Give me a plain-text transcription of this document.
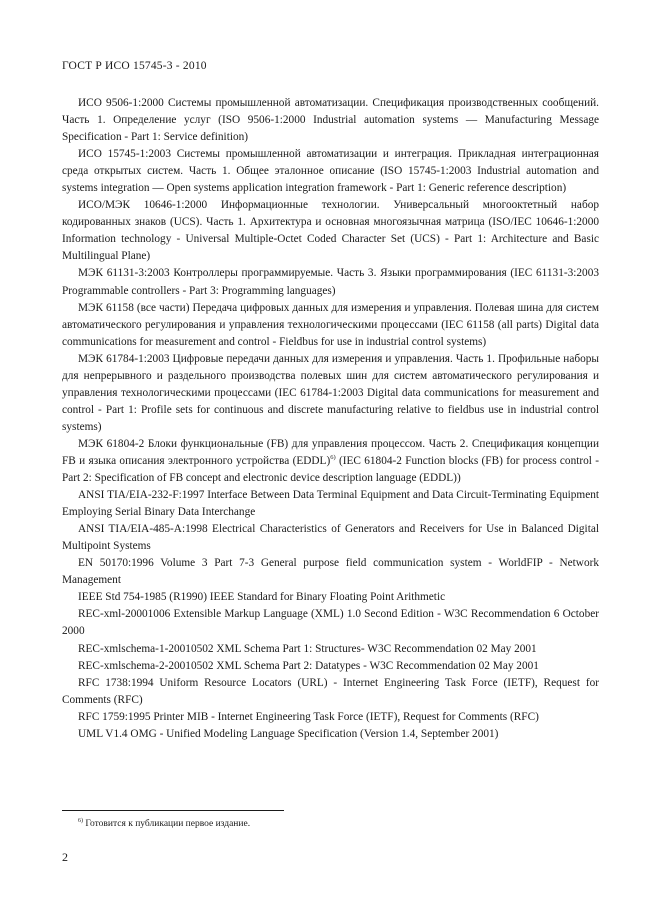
ГОСТ Р ИСО 15745-3 - 2010

ИСО 9506-1:2000 Системы промышленной автоматизации. Спецификация производственных сообщений. Часть 1. Определение услуг (ISO 9506-1:2000 Industrial automation systems — Manufacturing Message Specification - Part 1: Service definition)

ИСО 15745-1:2003 Системы промышленной автоматизации и интеграция. Прикладная интеграционная среда открытых систем. Часть 1. Общее эталонное описание (ISO 15745-1:2003 Industrial automation and systems integration — Open systems application integration framework - Part 1: Generic reference description)

ИСО/МЭК 10646-1:2000 Информационные технологии. Универсальный многооктетный набор кодированных знаков (UCS). Часть 1. Архитектура и основная многоязычная матрица (ISO/IEC 10646-1:2000 Information technology - Universal Multiple-Octet Coded Character Set (UCS) - Part 1: Architecture and Basic Multilingual Plane)

МЭК 61131-3:2003 Контроллеры программируемые. Часть 3. Языки программирования (IEC 61131-3:2003 Programmable controllers - Part 3: Programming languages)

МЭК 61158 (все части) Передача цифровых данных для измерения и управления. Полевая шина для систем автоматического регулирования и управления технологическими процессами (IEC 61158 (all parts) Digital data communications for measurement and control - Fieldbus for use in industrial control systems)

МЭК 61784-1:2003 Цифровые передачи данных для измерения и управления. Часть 1. Профильные наборы для непрерывного и раздельного производства полевых шин для систем автоматического регулирования и управления технологическими процессами (IEC 61784-1:2003 Digital data communications for measurement and control - Part 1: Profile sets for continuous and discrete manufacturing relative to fieldbus use in industrial control systems)

МЭК 61804-2 Блоки функциональные (FB) для управления процессом. Часть 2. Спецификация концепции FB и языка описания электронного устройства (EDDL)$^{6)}$ (IEC 61804-2 Function blocks (FB) for process control - Part 2: Specification of FB concept and electronic device description language (EDDL))

ANSI TIA/EIA-232-F:1997 Interface Between Data Terminal Equipment and Data Circuit-Terminating Equipment Employing Serial Binary Data Interchange

ANSI TIA/EIA-485-A:1998 Electrical Characteristics of Generators and Receivers for Use in Balanced Digital Multipoint Systems

EN 50170:1996 Volume 3 Part 7-3 General purpose field communication system - WorldFIP - Network Management

IEEE Std 754-1985 (R1990) IEEE Standard for Binary Floating Point Arithmetic

REC-xml-20001006 Extensible Markup Language (XML) 1.0 Second Edition - W3C Recommendation 6 October 2000

REC-xmlschema-1-20010502 XML Schema Part 1: Structures- W3C Recommendation 02 May 2001

REC-xmlschema-2-20010502 XML Schema Part 2: Datatypes - W3C Recommendation 02 May 2001

RFC 1738:1994 Uniform Resource Locators (URL) - Internet Engineering Task Force (IETF), Request for Comments (RFC)

RFC 1759:1995 Printer MIB - Internet Engineering Task Force (IETF), Request for Comments (RFC)

UML V1.4 OMG - Unified Modeling Language Specification (Version 1.4, September 2001)

$^{6)}$ Готовится к публикации первое издание.
2
